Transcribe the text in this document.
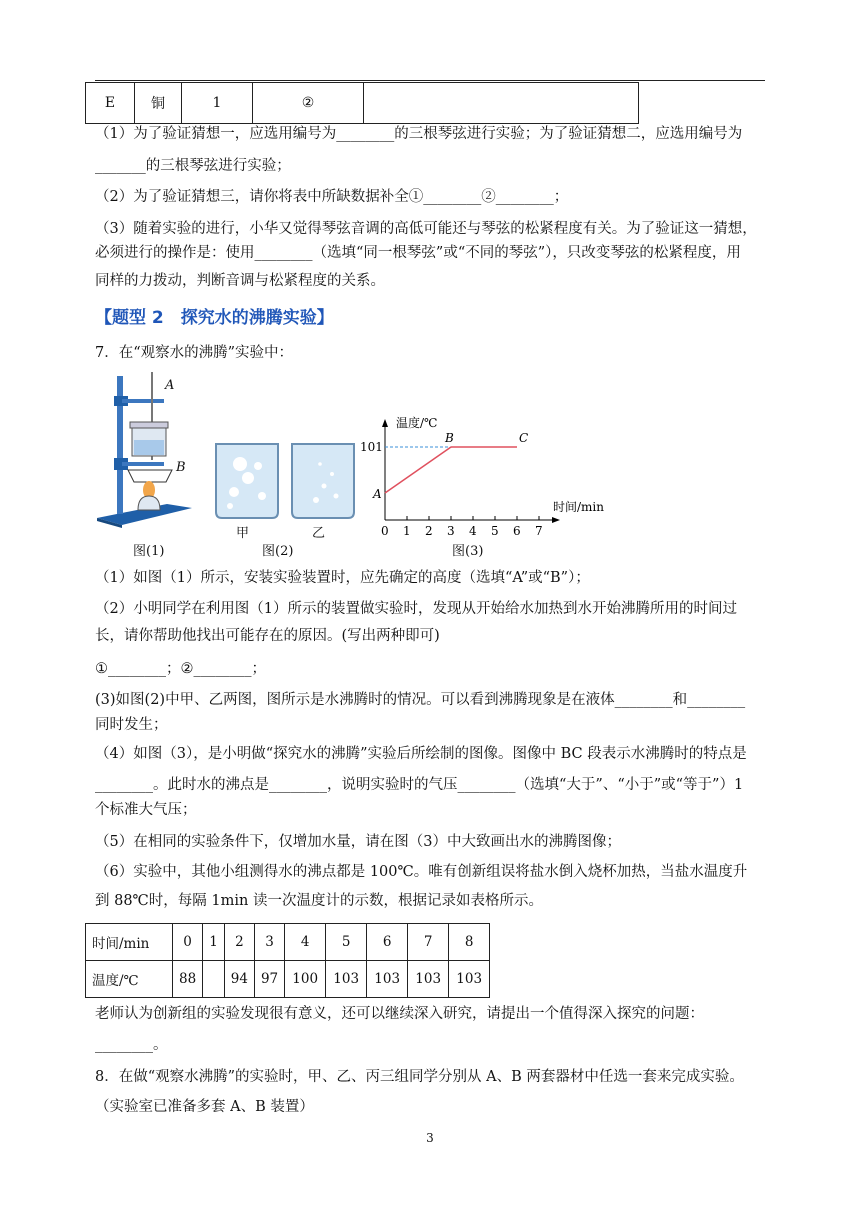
E	铜	1	②	
（1）为了验证猜想一，应选用编号为________的三根琴弦进行实验；为了验证猜想二，应选用编号为
_______的三根琴弦进行实验；
（2）为了验证猜想三，请你将表中所缺数据补全①________②________；
（3）随着实验的进行，小华又觉得琴弦音调的高低可能还与琴弦的松紧程度有关。为了验证这一猜想，
必须进行的操作是：使用________（选填“同一根琴弦”或“不同的琴弦”），只改变琴弦的松紧程度，用
同样的力拨动，判断音调与松紧程度的关系。
【题型 2　探究水的沸腾实验】
7．在“观察水的沸腾”实验中：
A
B
图(1)
甲	乙
图(2)
温度/℃
时间/min
0 1 2 3 4 5 6 7
101
A
B	C
图(3)
（1）如图（1）所示，安装实验装置时，应先确定的高度（选填“A”或“B”）；
（2）小明同学在利用图（1）所示的装置做实验时，发现从开始给水加热到水开始沸腾所用的时间过
长，请你帮助他找出可能存在的原因。(写出两种即可)
①________；②________；
(3)如图(2)中甲、乙两图，图所示是水沸腾时的情况。可以看到沸腾现象是在液体________和________
同时发生；
（4）如图（3），是小明做“探究水的沸腾”实验后所绘制的图像。图像中 BC 段表示水沸腾时的特点是
________。此时水的沸点是________，说明实验时的气压________（选填“大于”、“小于”或“等于”）1
个标准大气压；
（5）在相同的实验条件下，仅增加水量，请在图（3）中大致画出水的沸腾图像；
（6）实验中，其他小组测得水的沸点都是 100℃。唯有创新组误将盐水倒入烧杯加热，当盐水温度升
到 88℃时，每隔 1min 读一次温度计的示数，根据记录如表格所示。
时间/min	0	1	2	3	4	5	6	7	8
温度/℃	88		94	97	100	103	103	103	103
老师认为创新组的实验发现很有意义，还可以继续深入研究，请提出一个值得深入探究的问题：
________。
8．在做“观察水沸腾”的实验时，甲、乙、丙三组同学分别从 A、B 两套器材中任选一套来完成实验。
（实验室已准备多套 A、B 装置）
3
